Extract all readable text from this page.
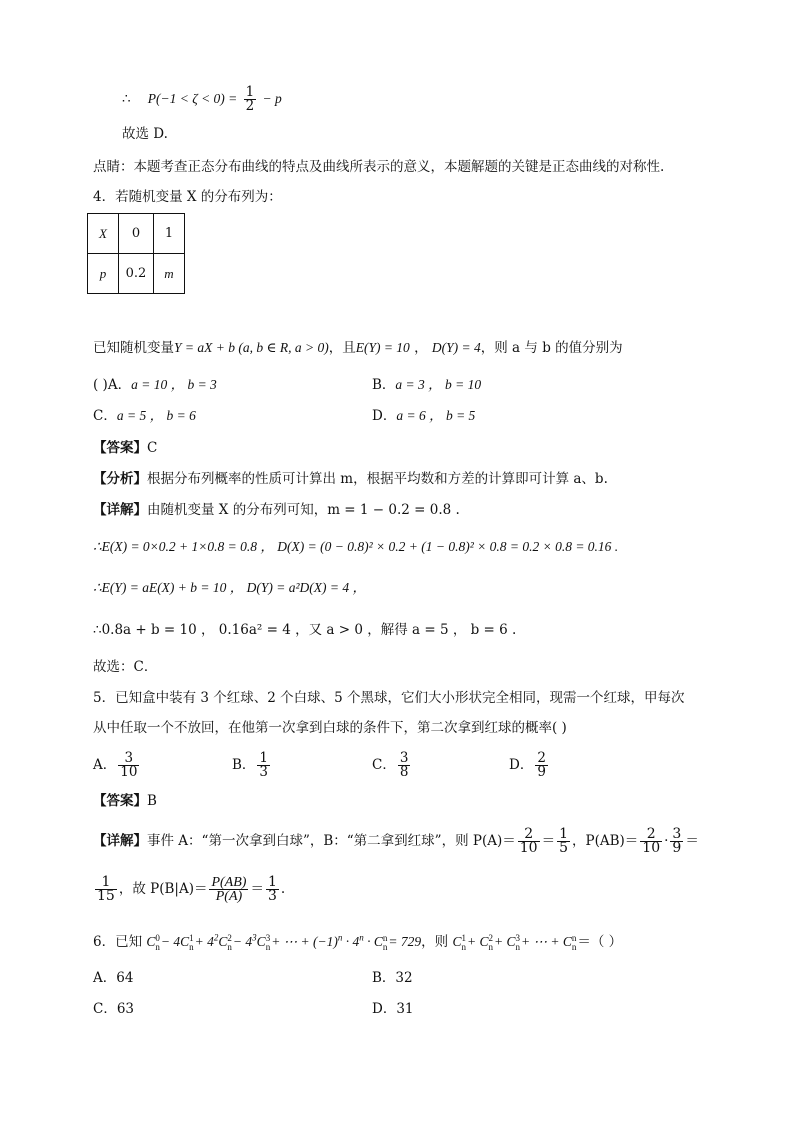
∴ $P(-1 < \zeta < 0) = \frac{1}{2} - p$
故选 D.
点睛：本题考查正态分布曲线的特点及曲线所表示的意义，本题解题的关键是正态曲线的对称性.
4．若随机变量 X 的分布列为：
X	0	1
p	0.2	m
已知随机变量Y = aX + b (a, b ∈ R, a > 0)，且E(Y) = 10 ， D(Y) = 4，则 a 与 b 的值分别为
( )A．a = 10 ， b = 3	B．a = 3 ， b = 10
C．a = 5 ， b = 6	D．a = 6 ， b = 5
【答案】C
【分析】根据分布列概率的性质可计算出 m，根据平均数和方差的计算即可计算 a、b.
【详解】由随机变量 X 的分布列可知，m = 1 − 0.2 = 0.8 .
∴E(X) = 0×0.2 + 1×0.8 = 0.8 ， D(X) = (0 − 0.8)² × 0.2 + (1 − 0.8)² × 0.8 = 0.2 × 0.8 = 0.16 .
∴E(Y) = aE(X) + b = 10 ， D(Y) = a²D(X) = 4 ，
∴0.8a + b = 10 ， 0.16a² = 4 ，又 a > 0 ，解得 a = 5 ， b = 6 .
故选：C．
5．已知盒中装有 3 个红球、2 个白球、5 个黑球，它们大小形状完全相同，现需一个红球，甲每次
从中任取一个不放回，在他第一次拿到白球的条件下，第二次拿到红球的概率( )
A． $\frac{3}{10}$	B． $\frac{1}{3}$	C． $\frac{3}{8}$	D． $\frac{2}{9}$
【答案】B
【详解】事件 A：“第一次拿到白球”，B：“第二拿到红球”，则 $P(A)= \frac{2}{10} = \frac{1}{5}$ ，$P(AB)= \frac{2}{10} \cdot \frac{3}{9}$ ＝
$\frac{1}{15}$ ，故 $P(B|A)= \frac{P(AB)}{P(A)} = \frac{1}{3}$ .
6．已知 C 0
n − 4C 1
$n + 4^2C$ 2
$n - 4^3C$ 3
n + ⋯ + $(-1)^n \cdot 4^n \cdot C$ n
n = 729，则 C 1
n + C 2
n + C 3
n + ⋯ + C n
n ＝（ ）
A．64	B．32
C．63	D．31
